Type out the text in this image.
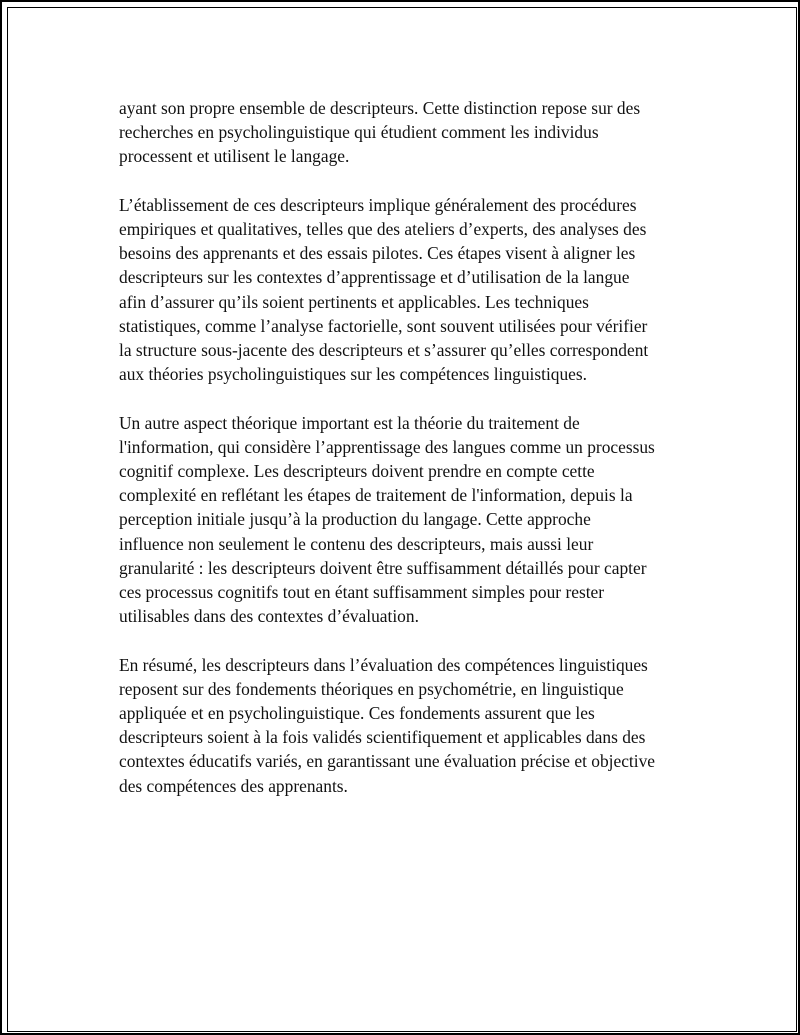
ayant son propre ensemble de descripteurs. Cette distinction repose sur des
recherches en psycholinguistique qui étudient comment les individus
processent et utilisent le langage.

L’établissement de ces descripteurs implique généralement des procédures
empiriques et qualitatives, telles que des ateliers d’experts, des analyses des
besoins des apprenants et des essais pilotes. Ces étapes visent à aligner les
descripteurs sur les contextes d’apprentissage et d’utilisation de la langue
afin d’assurer qu’ils soient pertinents et applicables. Les techniques
statistiques, comme l’analyse factorielle, sont souvent utilisées pour vérifier
la structure sous-jacente des descripteurs et s’assurer qu’elles correspondent
aux théories psycholinguistiques sur les compétences linguistiques.

Un autre aspect théorique important est la théorie du traitement de
l'information, qui considère l’apprentissage des langues comme un processus
cognitif complexe. Les descripteurs doivent prendre en compte cette
complexité en reflétant les étapes de traitement de l'information, depuis la
perception initiale jusqu’à la production du langage. Cette approche
influence non seulement le contenu des descripteurs, mais aussi leur
granularité : les descripteurs doivent être suffisamment détaillés pour capter
ces processus cognitifs tout en étant suffisamment simples pour rester
utilisables dans des contextes d’évaluation.

En résumé, les descripteurs dans l’évaluation des compétences linguistiques
reposent sur des fondements théoriques en psychométrie, en linguistique
appliquée et en psycholinguistique. Ces fondements assurent que les
descripteurs soient à la fois validés scientifiquement et applicables dans des
contextes éducatifs variés, en garantissant une évaluation précise et objective
des compétences des apprenants.
